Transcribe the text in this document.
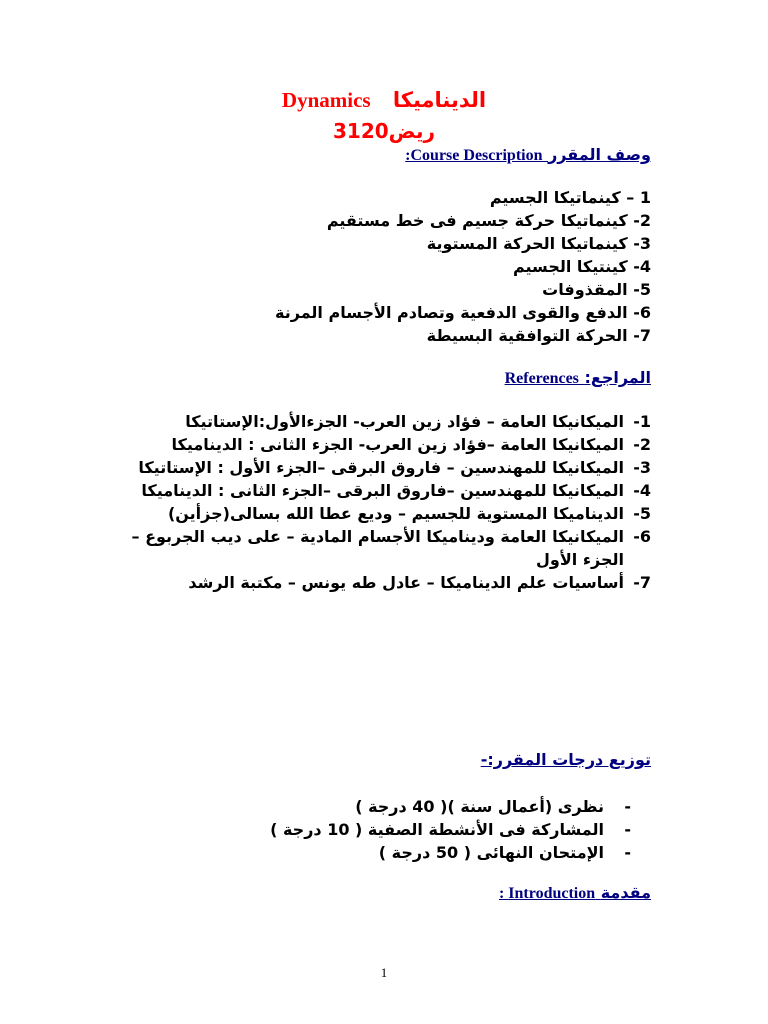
Dynamics الديناميكا
3120ريض
وصف المقرر Course Description:
1 – كينماتيكا الجسيم
2- كينماتيكا حركة جسيم فى خط مستقيم
3- كينماتيكا الحركة المستوية
4- كينتيكا الجسيم
5- المقذوفات
6- الدفع والقوى الدفعية وتصادم الأجسام المرنة
7- الحركة التوافقية البسيطة
المراجع: References
1-
الميكانيكا العامة – فؤاد زين العرب- الجزءالأول:الإستاتيكا
2-
الميكانيكا العامة –فؤاد زين العرب- الجزء الثانى : الديناميكا
3-
الميكانيكا للمهندسين – فاروق البرقى –الجزء الأول : الإستاتيكا
4-
الميكانيكا للمهندسين –فاروق البرقى –الجزء الثانى : الديناميكا
5-
الديناميكا المستوية للجسيم – وديع عطا الله بسالى(جزأين)
6-
الميكانيكا العامة وديناميكا الأجسام المادية – على ديب الجربوع – الجزء الأول
7-
أساسيات علم الديناميكا – عادل طه يونس – مكتبة الرشد
توزيع درجات المقرر:-
-
نظرى (أعمال سنة )( 40 درجة )
-
المشاركة فى الأنشطة الصفية ( 10 درجة )
-
الإمتحان النهائى ( 50 درجة )
مقدمة Introduction :
1
